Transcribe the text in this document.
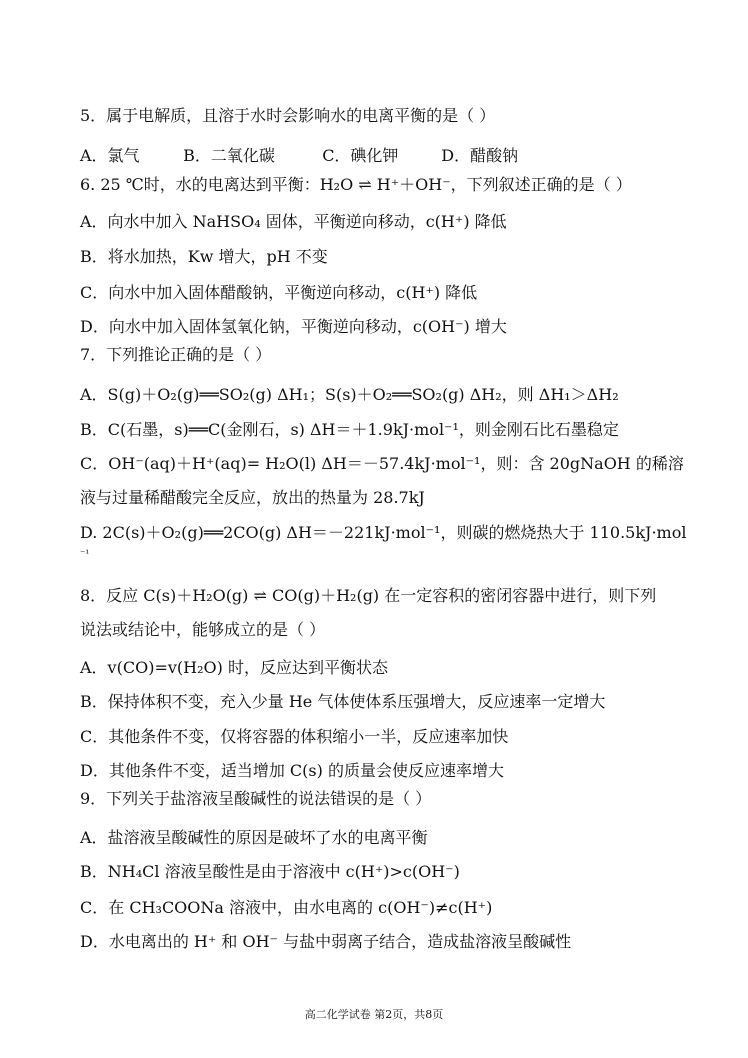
5．属于电解质，且溶于水时会影响水的电离平衡的是（ ）
A．氯气	B．二氧化碳	C．碘化钾	D．醋酸钠
6. 25 ℃时，水的电离达到平衡：H₂O ⇌ H⁺＋OH⁻，下列叙述正确的是（ ）
A．向水中加入 NaHSO₄ 固体，平衡逆向移动，c(H⁺) 降低
B．将水加热，Kw 增大，pH 不变
C．向水中加入固体醋酸钠，平衡逆向移动，c(H⁺) 降低
D．向水中加入固体氢氧化钠，平衡逆向移动，c(OH⁻) 增大
7．下列推论正确的是（ ）
A．S(g)＋O₂(g)══SO₂(g) ΔH₁；S(s)＋O₂══SO₂(g) ΔH₂，则 ΔH₁＞ΔH₂
B．C(石墨，s)══C(金刚石，s) ΔH＝＋1.9kJ·mol⁻¹，则金刚石比石墨稳定
C．OH⁻(aq)＋H⁺(aq)= H₂O(l) ΔH＝－57.4kJ·mol⁻¹，则：含 20gNaOH 的稀溶
液与过量稀醋酸完全反应，放出的热量为 28.7kJ
D. 2C(s)＋O₂(g)══2CO(g) ΔH＝－221kJ·mol⁻¹，则碳的燃烧热大于 110.5kJ·mol
⁻¹
8．反应 C(s)＋H₂O(g) ⇌ CO(g)＋H₂(g) 在一定容积的密闭容器中进行，则下列
说法或结论中，能够成立的是（ ）
A．v(CO)=v(H₂O) 时，反应达到平衡状态
B．保持体积不变，充入少量 He 气体使体系压强增大，反应速率一定增大
C．其他条件不变，仅将容器的体积缩小一半，反应速率加快
D．其他条件不变，适当增加 C(s) 的质量会使反应速率增大
9．下列关于盐溶液呈酸碱性的说法错误的是（ ）
A．盐溶液呈酸碱性的原因是破坏了水的电离平衡
B．NH₄Cl 溶液呈酸性是由于溶液中 c(H⁺)>c(OH⁻)
C．在 CH₃COONa 溶液中，由水电离的 c(OH⁻)≠c(H⁺)
D．水电离出的 H⁺ 和 OH⁻ 与盐中弱离子结合，造成盐溶液呈酸碱性
高二化学试卷 第2页，共8页
